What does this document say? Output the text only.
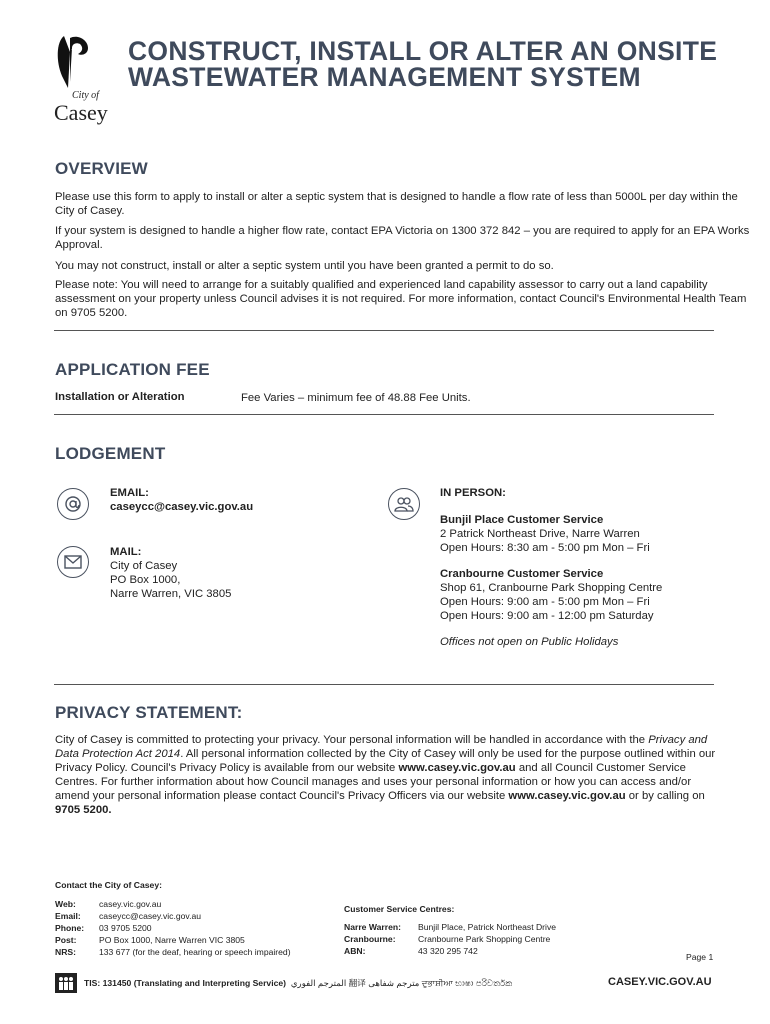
City of
Casey
CONSTRUCT, INSTALL OR ALTER AN ONSITE WASTEWATER MANAGEMENT SYSTEM
OVERVIEW
Please use this form to apply to install or alter a septic system that is designed to handle a flow rate of less than 5000L per day within the City of Casey.
If your system is designed to handle a higher flow rate, contact EPA Victoria on 1300 372 842 – you are required to apply for an EPA Works Approval.
You may not construct, install or alter a septic system until you have been granted a permit to do so.
Please note: You will need to arrange for a suitably qualified and experienced land capability assessor to carry out a land capability assessment on your property unless Council advises it is not required. For more information, contact Council's Environmental Health Team on 9705 5200.
APPLICATION FEE
Installation or Alteration	Fee Varies – minimum fee of 48.88 Fee Units.
LODGEMENT
EMAIL:
caseycc@casey.vic.gov.au
MAIL:
City of Casey
PO Box 1000,
Narre Warren, VIC 3805
IN PERSON:
Bunjil Place Customer Service
2 Patrick Northeast Drive, Narre Warren
Open Hours: 8:30 am - 5:00 pm Mon – Fri
Cranbourne Customer Service
Shop 61, Cranbourne Park Shopping Centre
Open Hours: 9:00 am - 5:00 pm Mon – Fri
Open Hours: 9:00 am - 12:00 pm Saturday
Offices not open on Public Holidays
PRIVACY STATEMENT:
City of Casey is committed to protecting your privacy. Your personal information will be handled in accordance with the Privacy and Data Protection Act 2014. All personal information collected by the City of Casey will only be used for the purpose outlined within our Privacy Policy. Council's Privacy Policy is available from our website www.casey.vic.gov.au and all Council Customer Service Centres. For further information about how Council manages and uses your personal information or how you can access and/or amend your personal information please contact Council's Privacy Officers via our website www.casey.vic.gov.au or by calling on 9705 5200.
Contact the City of Casey:
Web:	casey.vic.gov.au
Email:	caseycc@casey.vic.gov.au
Phone:	03 9705 5200
Post:	PO Box 1000, Narre Warren VIC 3805
NRS:	133 677 (for the deaf, hearing or speech impaired)
Customer Service Centres:
Narre Warren:	Bunjil Place, Patrick Northeast Drive
Cranbourne:	Cranbourne Park Shopping Centre
ABN:	43 320 295 742
Page 1
TIS: 131450 (Translating and Interpreting Service) المترجم الفوري 翻译 مترجم شفاهی ਦੁਭਾਸ਼ੀਆ භාෂා පරිවර්තක	CASEY.VIC.GOV.AU
